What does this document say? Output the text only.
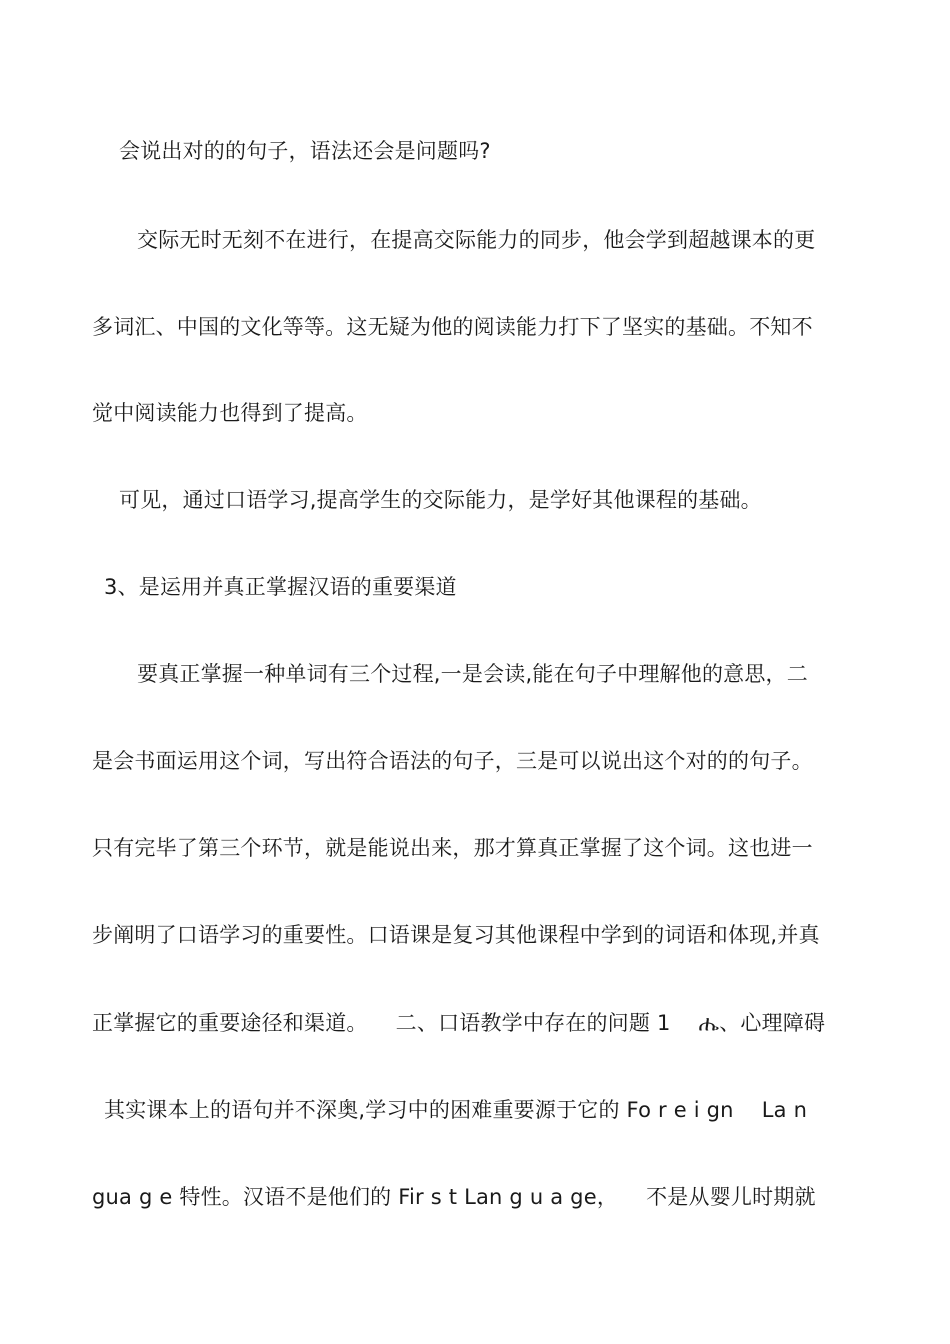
会说出对的的句子，语法还会是问题吗?
交际无时无刻不在进行，在提高交际能力的同步，他会学到超越课本的更
多词汇、中国的文化等等。这无疑为他的阅读能力打下了坚实的基础。不知不
觉中阅读能力也得到了提高。
可见，通过口语学习,提高学生的交际能力，是学好其他课程的基础。
3、是运用并真正掌握汉语的重要渠道
要真正掌握一种单词有三个过程,一是会读,能在句子中理解他的意思，二
是会书面运用这个词，写出符合语法的句子，三是可以说出这个对的的句子。
只有完毕了第三个环节，就是能说出来，那才算真正掌握了这个词。这也进一
步阐明了口语学习的重要性。口语课是复习其他课程中学到的词语和体现,并真
正掌握它的重要途径和渠道。 　二、口语教学中存在的问题 1　 ሔ、心理障碍
其实课本上的语句并不深奥,学习中的困难重要源于它的 Fo r e i gn 　La n
gua g e 特性。汉语不是他们的 Fir s t Lan g u a ge， 　不是从婴儿时期就
